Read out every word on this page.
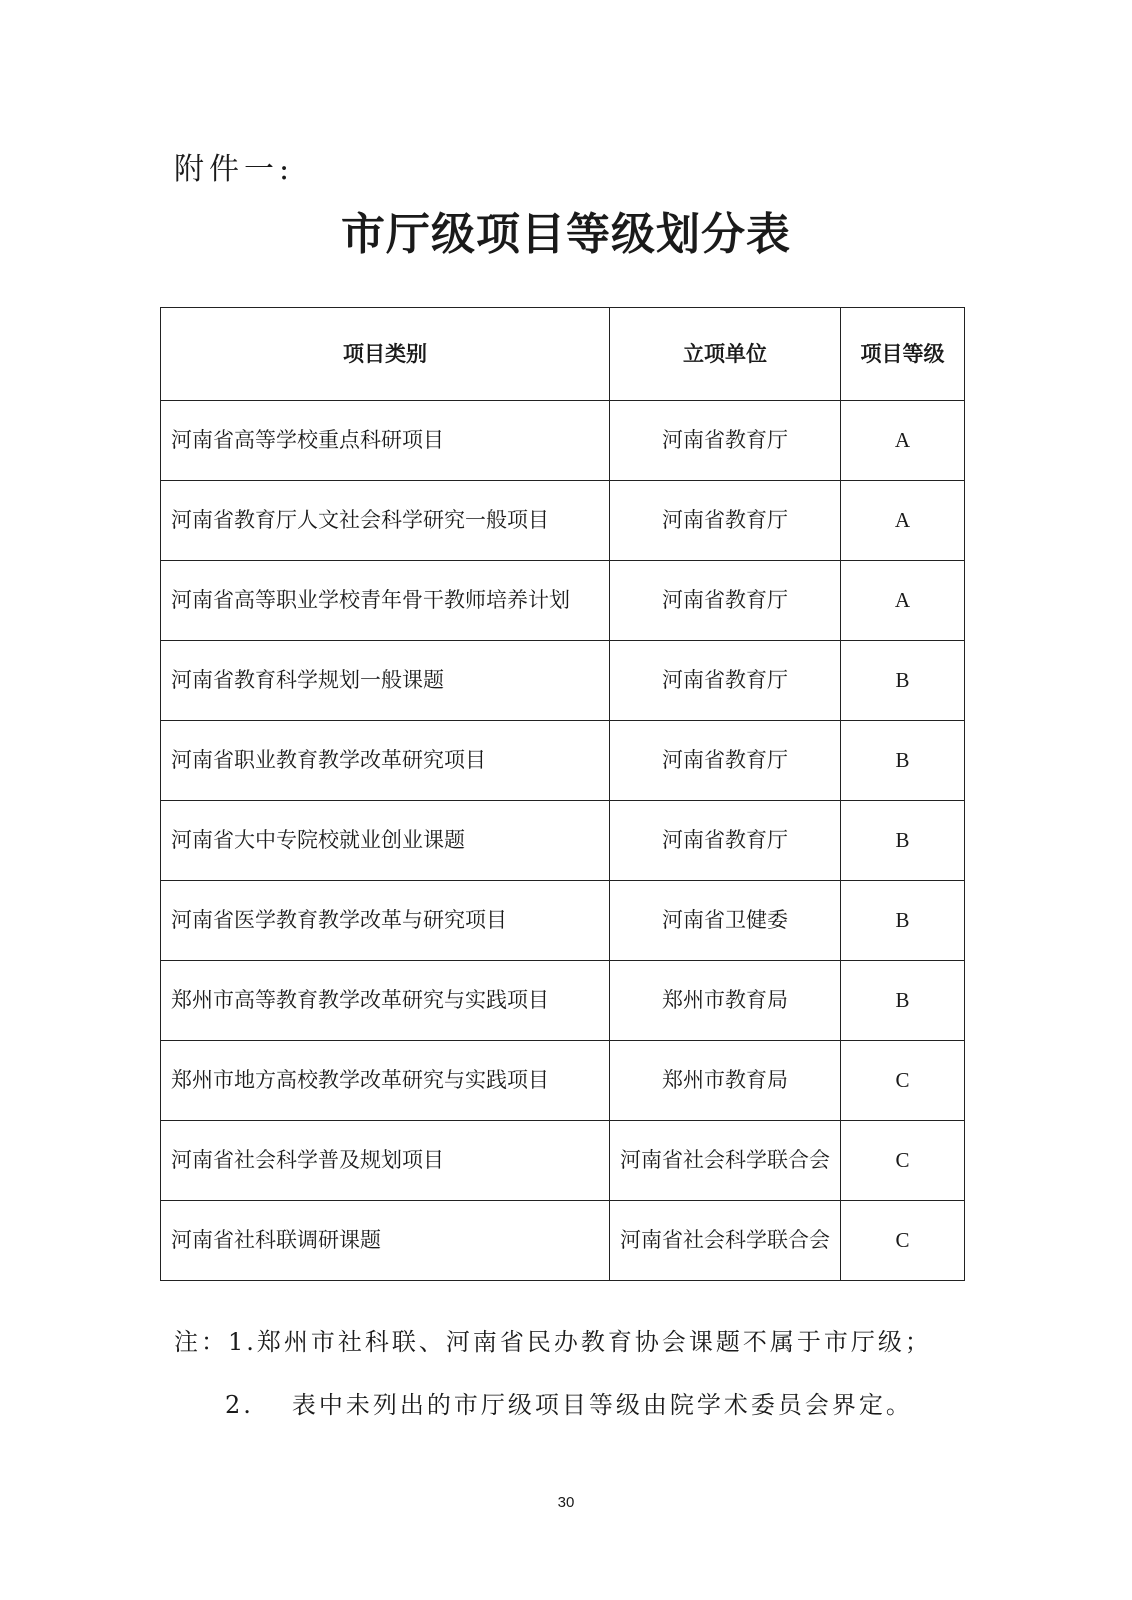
附件一:
市厅级项目等级划分表
项目类别	立项单位	项目等级
河南省高等学校重点科研项目	河南省教育厅	A
河南省教育厅人文社会科学研究一般项目	河南省教育厅	A
河南省高等职业学校青年骨干教师培养计划	河南省教育厅	A
河南省教育科学规划一般课题	河南省教育厅	B
河南省职业教育教学改革研究项目	河南省教育厅	B
河南省大中专院校就业创业课题	河南省教育厅	B
河南省医学教育教学改革与研究项目	河南省卫健委	B
郑州市高等教育教学改革研究与实践项目	郑州市教育局	B
郑州市地方高校教学改革研究与实践项目	郑州市教育局	C
河南省社会科学普及规划项目	河南省社会科学联合会	C
河南省社科联调研课题	河南省社会科学联合会	C
注：1.郑州市社科联、河南省民办教育协会课题不属于市厅级；
2. 表中未列出的市厅级项目等级由院学术委员会界定。
30
